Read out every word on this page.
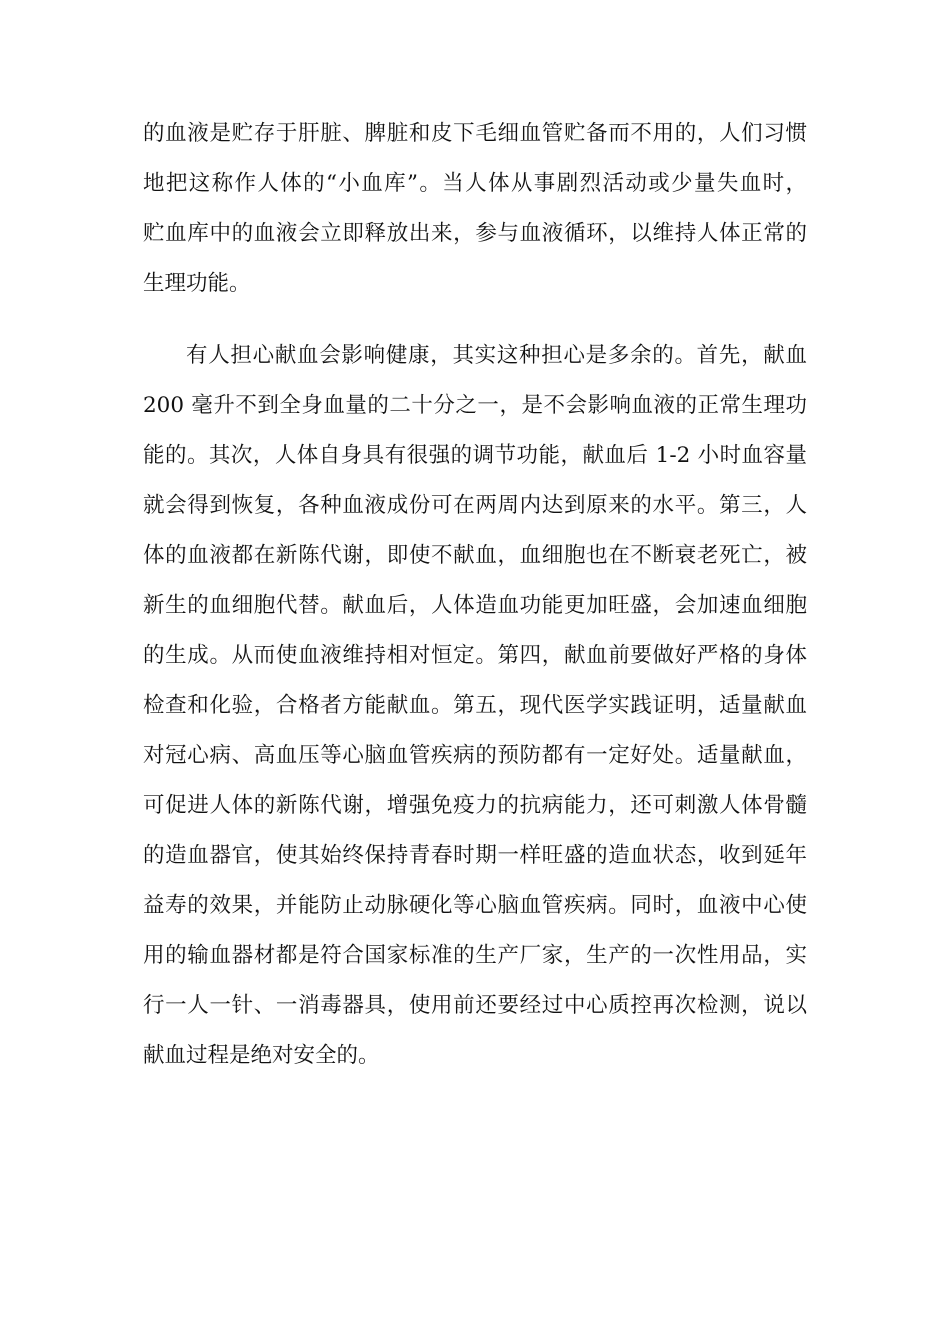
的血液是贮存于肝脏、脾脏和皮下毛细血管贮备而不用的，人们习惯

地把这称作人体的“小血库”。当人体从事剧烈活动或少量失血时，

贮血库中的血液会立即释放出来，参与血液循环，以维持人体正常的

生理功能。

有人担心献血会影响健康，其实这种担心是多余的。首先，献血

200 毫升不到全身血量的二十分之一，是不会影响血液的正常生理功

能的。其次，人体自身具有很强的调节功能，献血后 1-2 小时血容量

就会得到恢复，各种血液成份可在两周内达到原来的水平。第三，人

体的血液都在新陈代谢，即使不献血，血细胞也在不断衰老死亡，被

新生的血细胞代替。献血后，人体造血功能更加旺盛，会加速血细胞

的生成。从而使血液维持相对恒定。第四，献血前要做好严格的身体

检查和化验，合格者方能献血。第五，现代医学实践证明，适量献血

对冠心病、高血压等心脑血管疾病的预防都有一定好处。适量献血，

可促进人体的新陈代谢，增强免疫力的抗病能力，还可刺激人体骨髓

的造血器官，使其始终保持青春时期一样旺盛的造血状态，收到延年

益寿的效果，并能防止动脉硬化等心脑血管疾病。同时，血液中心使

用的输血器材都是符合国家标准的生产厂家，生产的一次性用品，实

行一人一针、一消毒器具，使用前还要经过中心质控再次检测，说以

献血过程是绝对安全的。
